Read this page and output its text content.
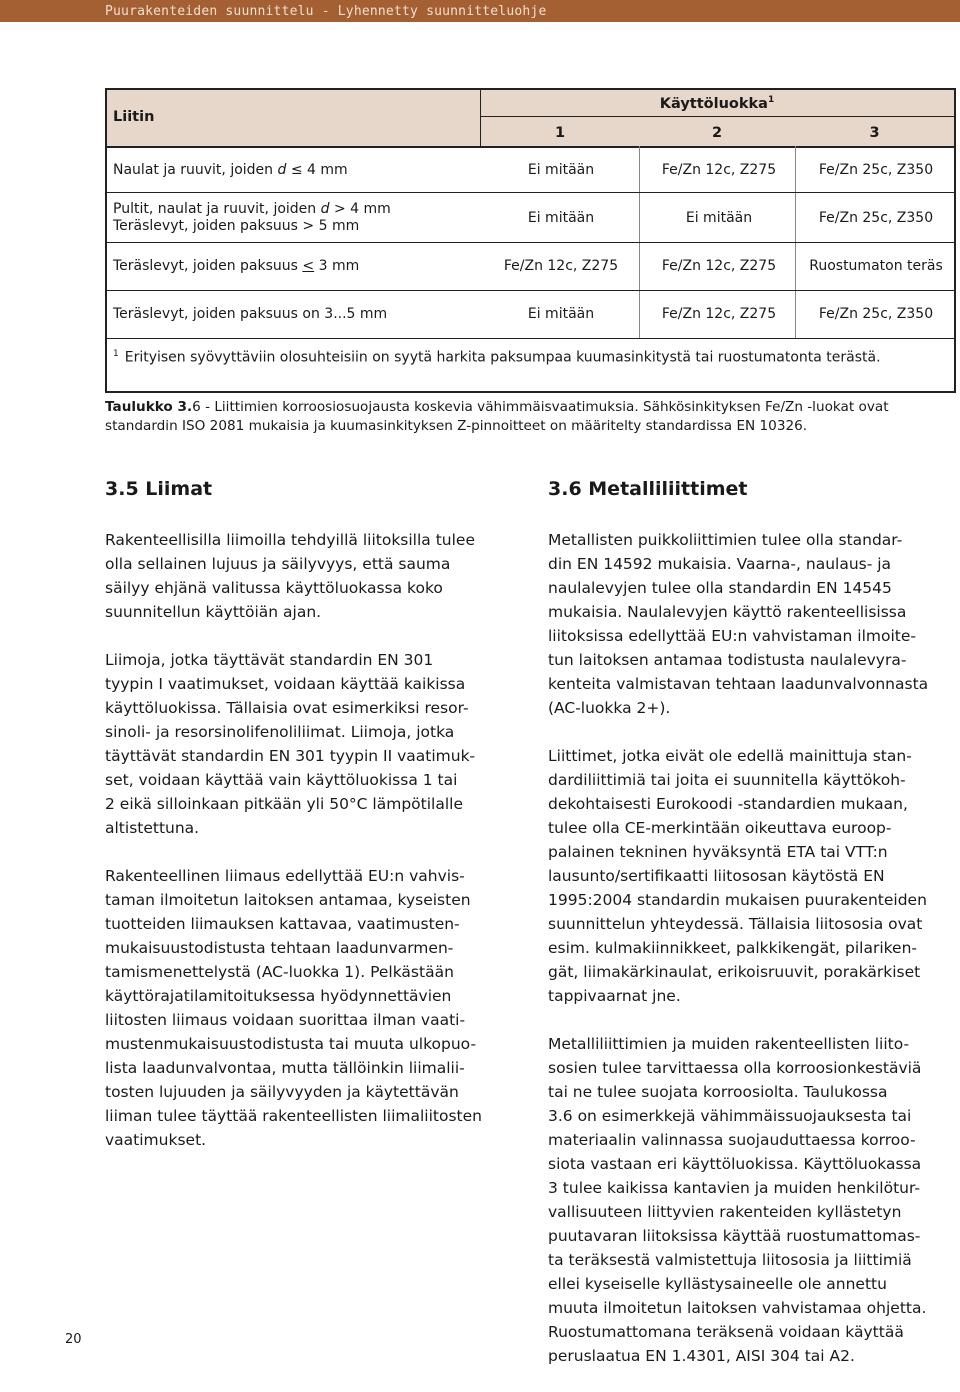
Puurakenteiden suunnittelu - Lyhennetty suunnitteluohje
Liitin
Käyttöluokka$^1$
1	2	3
Naulat ja ruuvit, joiden d ≤ 4 mm	Ei mitään	Fe/Zn 12c, Z275	Fe/Zn 25c, Z350
Pultit, naulat ja ruuvit, joiden d > 4 mm
Teräslevyt, joiden paksuus > 5 mm	Ei mitään	Ei mitään	Fe/Zn 25c, Z350
Teräslevyt, joiden paksuus < 3 mm	Fe/Zn 12c, Z275	Fe/Zn 12c, Z275	Ruostumaton teräs
Teräslevyt, joiden paksuus on 3...5 mm	Ei mitään	Fe/Zn 12c, Z275	Fe/Zn 25c, Z350
$^1$ Erityisen syövyttäviin olosuhteisiin on syytä harkita paksumpaa kuumasinkitystä tai ruostumatonta terästä.
Taulukko 3.6 - Liittimien korroosiosuojausta koskevia vähimmäisvaatimuksia. Sähkösinkityksen Fe/Zn -luokat ovat standardin ISO 2081 mukaisia ja kuumasinkityksen Z-pinnoitteet on määritelty standardissa EN 10326.
3.5 Liimat

Rakenteellisilla liimoilla tehdyillä liitoksilla tulee
olla sellainen lujuus ja säilyvyys, että sauma
säilyy ehjänä valitussa käyttöluokassa koko
suunnitellun käyttöiän ajan.

Liimoja, jotka täyttävät standardin EN 301
tyypin I vaatimukset, voidaan käyttää kaikissa
käyttöluokissa. Tällaisia ovat esimerkiksi resor-
sinoli- ja resorsinolifenoliliimat. Liimoja, jotka
täyttävät standardin EN 301 tyypin II vaatimuk-
set, voidaan käyttää vain käyttöluokissa 1 tai
2 eikä silloinkaan pitkään yli 50°C lämpötilalle
altistettuna.

Rakenteellinen liimaus edellyttää EU:n vahvis-
taman ilmoitetun laitoksen antamaa, kyseisten
tuotteiden liimauksen kattavaa, vaatimusten-
mukaisuustodistusta tehtaan laadunvarmen-
tamismenettelystä (AC-luokka 1). Pelkästään
käyttörajatilamitoituksessa hyödynnettävien
liitosten liimaus voidaan suorittaa ilman vaati-
mustenmukaisuustodistusta tai muuta ulkopuo-
lista laadunvalvontaa, mutta tällöinkin liimalii-
tosten lujuuden ja säilyvyyden ja käytettävän
liiman tulee täyttää rakenteellisten liimaliitosten
vaatimukset.

3.6 Metalliliittimet

Metallisten puikkoliittimien tulee olla standar-
din EN 14592 mukaisia. Vaarna-, naulaus- ja
naulalevyjen tulee olla standardin EN 14545
mukaisia. Naulalevyjen käyttö rakenteellisissa
liitoksissa edellyttää EU:n vahvistaman ilmoite-
tun laitoksen antamaa todistusta naulalevyra-
kenteita valmistavan tehtaan laadunvalvonnasta
(AC-luokka 2+).

Liittimet, jotka eivät ole edellä mainittuja stan-
dardiliittimiä tai joita ei suunnitella käyttökoh-
dekohtaisesti Eurokoodi -standardien mukaan,
tulee olla CE-merkintään oikeuttava euroop-
palainen tekninen hyväksyntä ETA tai VTT:n
lausunto/sertifikaatti liitososan käytöstä EN
1995:2004 standardin mukaisen puurakenteiden
suunnittelun yhteydessä. Tällaisia liitososia ovat
esim. kulmakiinnikkeet, palkkikengät, pilariken-
gät, liimakärkinaulat, erikoisruuvit, porakärkiset
tappivaarnat jne.

Metalliliittimien ja muiden rakenteellisten liito-
sosien tulee tarvittaessa olla korroosionkestäviä
tai ne tulee suojata korroosiolta. Taulukossa
3.6 on esimerkkejä vähimmäissuojauksesta tai
materiaalin valinnassa suojauduttaessa korroo-
siota vastaan eri käyttöluokissa. Käyttöluokassa
3 tulee kaikissa kantavien ja muiden henkilötur-
vallisuuteen liittyvien rakenteiden kyllästetyn
puutavaran liitoksissa käyttää ruostumattomas-
ta teräksestä valmistettuja liitososia ja liittimiä
ellei kyseiselle kyllästysaineelle ole annettu
muuta ilmoitetun laitoksen vahvistamaa ohjetta.
Ruostumattomana teräksenä voidaan käyttää
peruslaatua EN 1.4301, AISI 304 tai A2.

20
